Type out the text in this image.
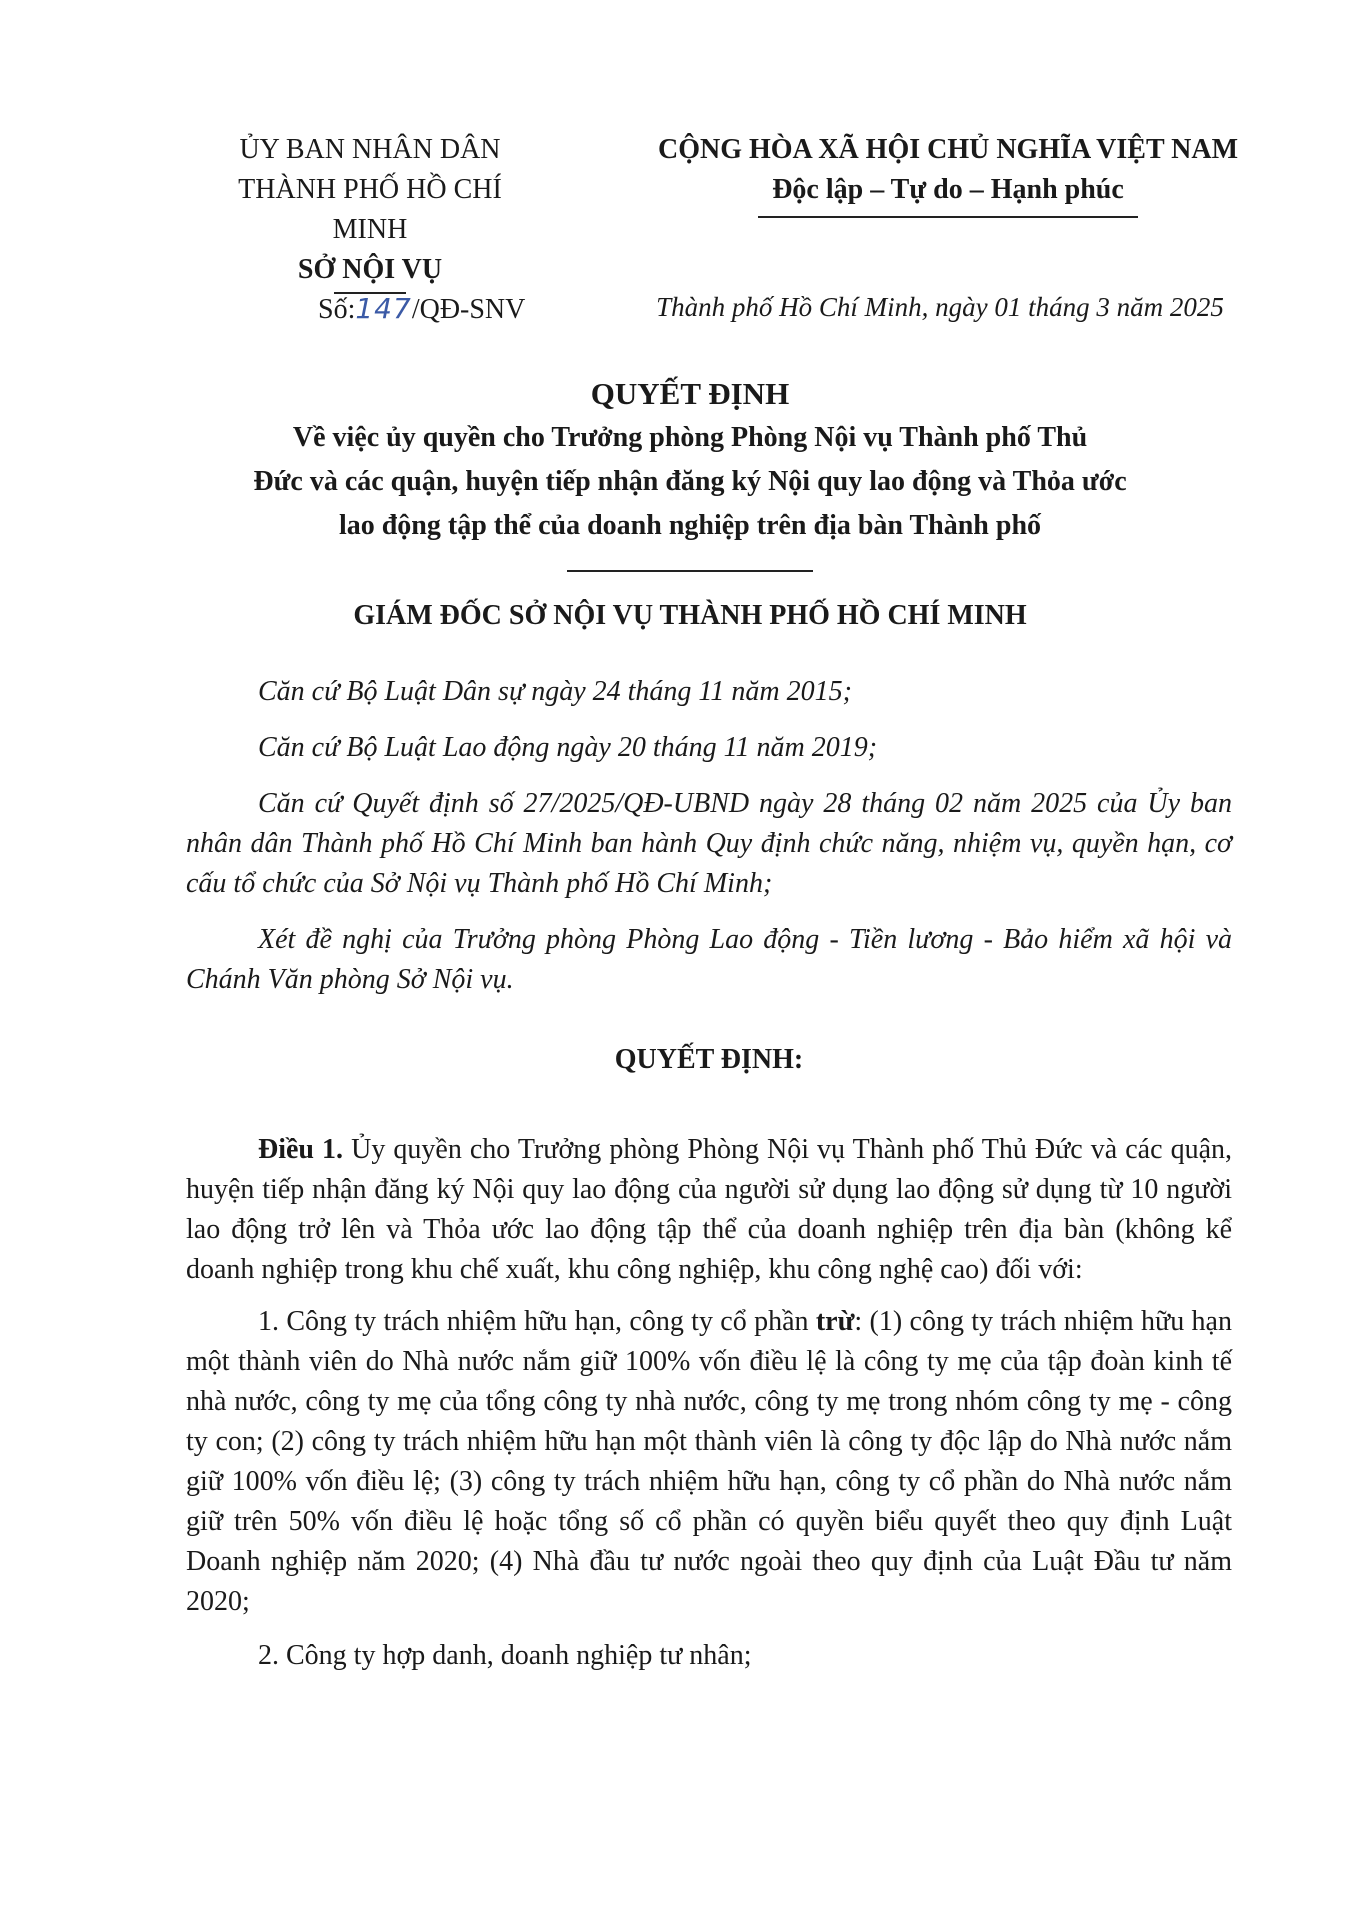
ỦY BAN NHÂN DÂN
THÀNH PHỐ HỒ CHÍ MINH
SỞ NỘI VỤ
CỘNG HÒA XÃ HỘI CHỦ NGHĨA VIỆT NAM
Độc lập – Tự do – Hạnh phúc
Số:147/QĐ-SNV	Thành phố Hồ Chí Minh, ngày 01 tháng 3 năm 2025
QUYẾT ĐỊNH
Về việc ủy quyền cho Trưởng phòng Phòng Nội vụ Thành phố Thủ
Đức và các quận, huyện tiếp nhận đăng ký Nội quy lao động và Thỏa ước
lao động tập thể của doanh nghiệp trên địa bàn Thành phố
GIÁM ĐỐC SỞ NỘI VỤ THÀNH PHỐ HỒ CHÍ MINH

Căn cứ Bộ Luật Dân sự ngày 24 tháng 11 năm 2015;

Căn cứ Bộ Luật Lao động ngày 20 tháng 11 năm 2019;

Căn cứ Quyết định số 27/2025/QĐ-UBND ngày 28 tháng 02 năm 2025 của Ủy ban nhân dân Thành phố Hồ Chí Minh ban hành Quy định chức năng, nhiệm vụ, quyền hạn, cơ cấu tổ chức của Sở Nội vụ Thành phố Hồ Chí Minh;

Xét đề nghị của Trưởng phòng Phòng Lao động - Tiền lương - Bảo hiểm xã hội và Chánh Văn phòng Sở Nội vụ.

QUYẾT ĐỊNH:

Điều 1. Ủy quyền cho Trưởng phòng Phòng Nội vụ Thành phố Thủ Đức và các quận, huyện tiếp nhận đăng ký Nội quy lao động của người sử dụng lao động sử dụng từ 10 người lao động trở lên và Thỏa ước lao động tập thể của doanh nghiệp trên địa bàn (không kể doanh nghiệp trong khu chế xuất, khu công nghiệp, khu công nghệ cao) đối với:

1. Công ty trách nhiệm hữu hạn, công ty cổ phần trừ: (1) công ty trách nhiệm hữu hạn một thành viên do Nhà nước nắm giữ 100% vốn điều lệ là công ty mẹ của tập đoàn kinh tế nhà nước, công ty mẹ của tổng công ty nhà nước, công ty mẹ trong nhóm công ty mẹ - công ty con; (2) công ty trách nhiệm hữu hạn một thành viên là công ty độc lập do Nhà nước nắm giữ 100% vốn điều lệ; (3) công ty trách nhiệm hữu hạn, công ty cổ phần do Nhà nước nắm giữ trên 50% vốn điều lệ hoặc tổng số cổ phần có quyền biểu quyết theo quy định Luật Doanh nghiệp năm 2020; (4) Nhà đầu tư nước ngoài theo quy định của Luật Đầu tư năm 2020;

2. Công ty hợp danh, doanh nghiệp tư nhân;
